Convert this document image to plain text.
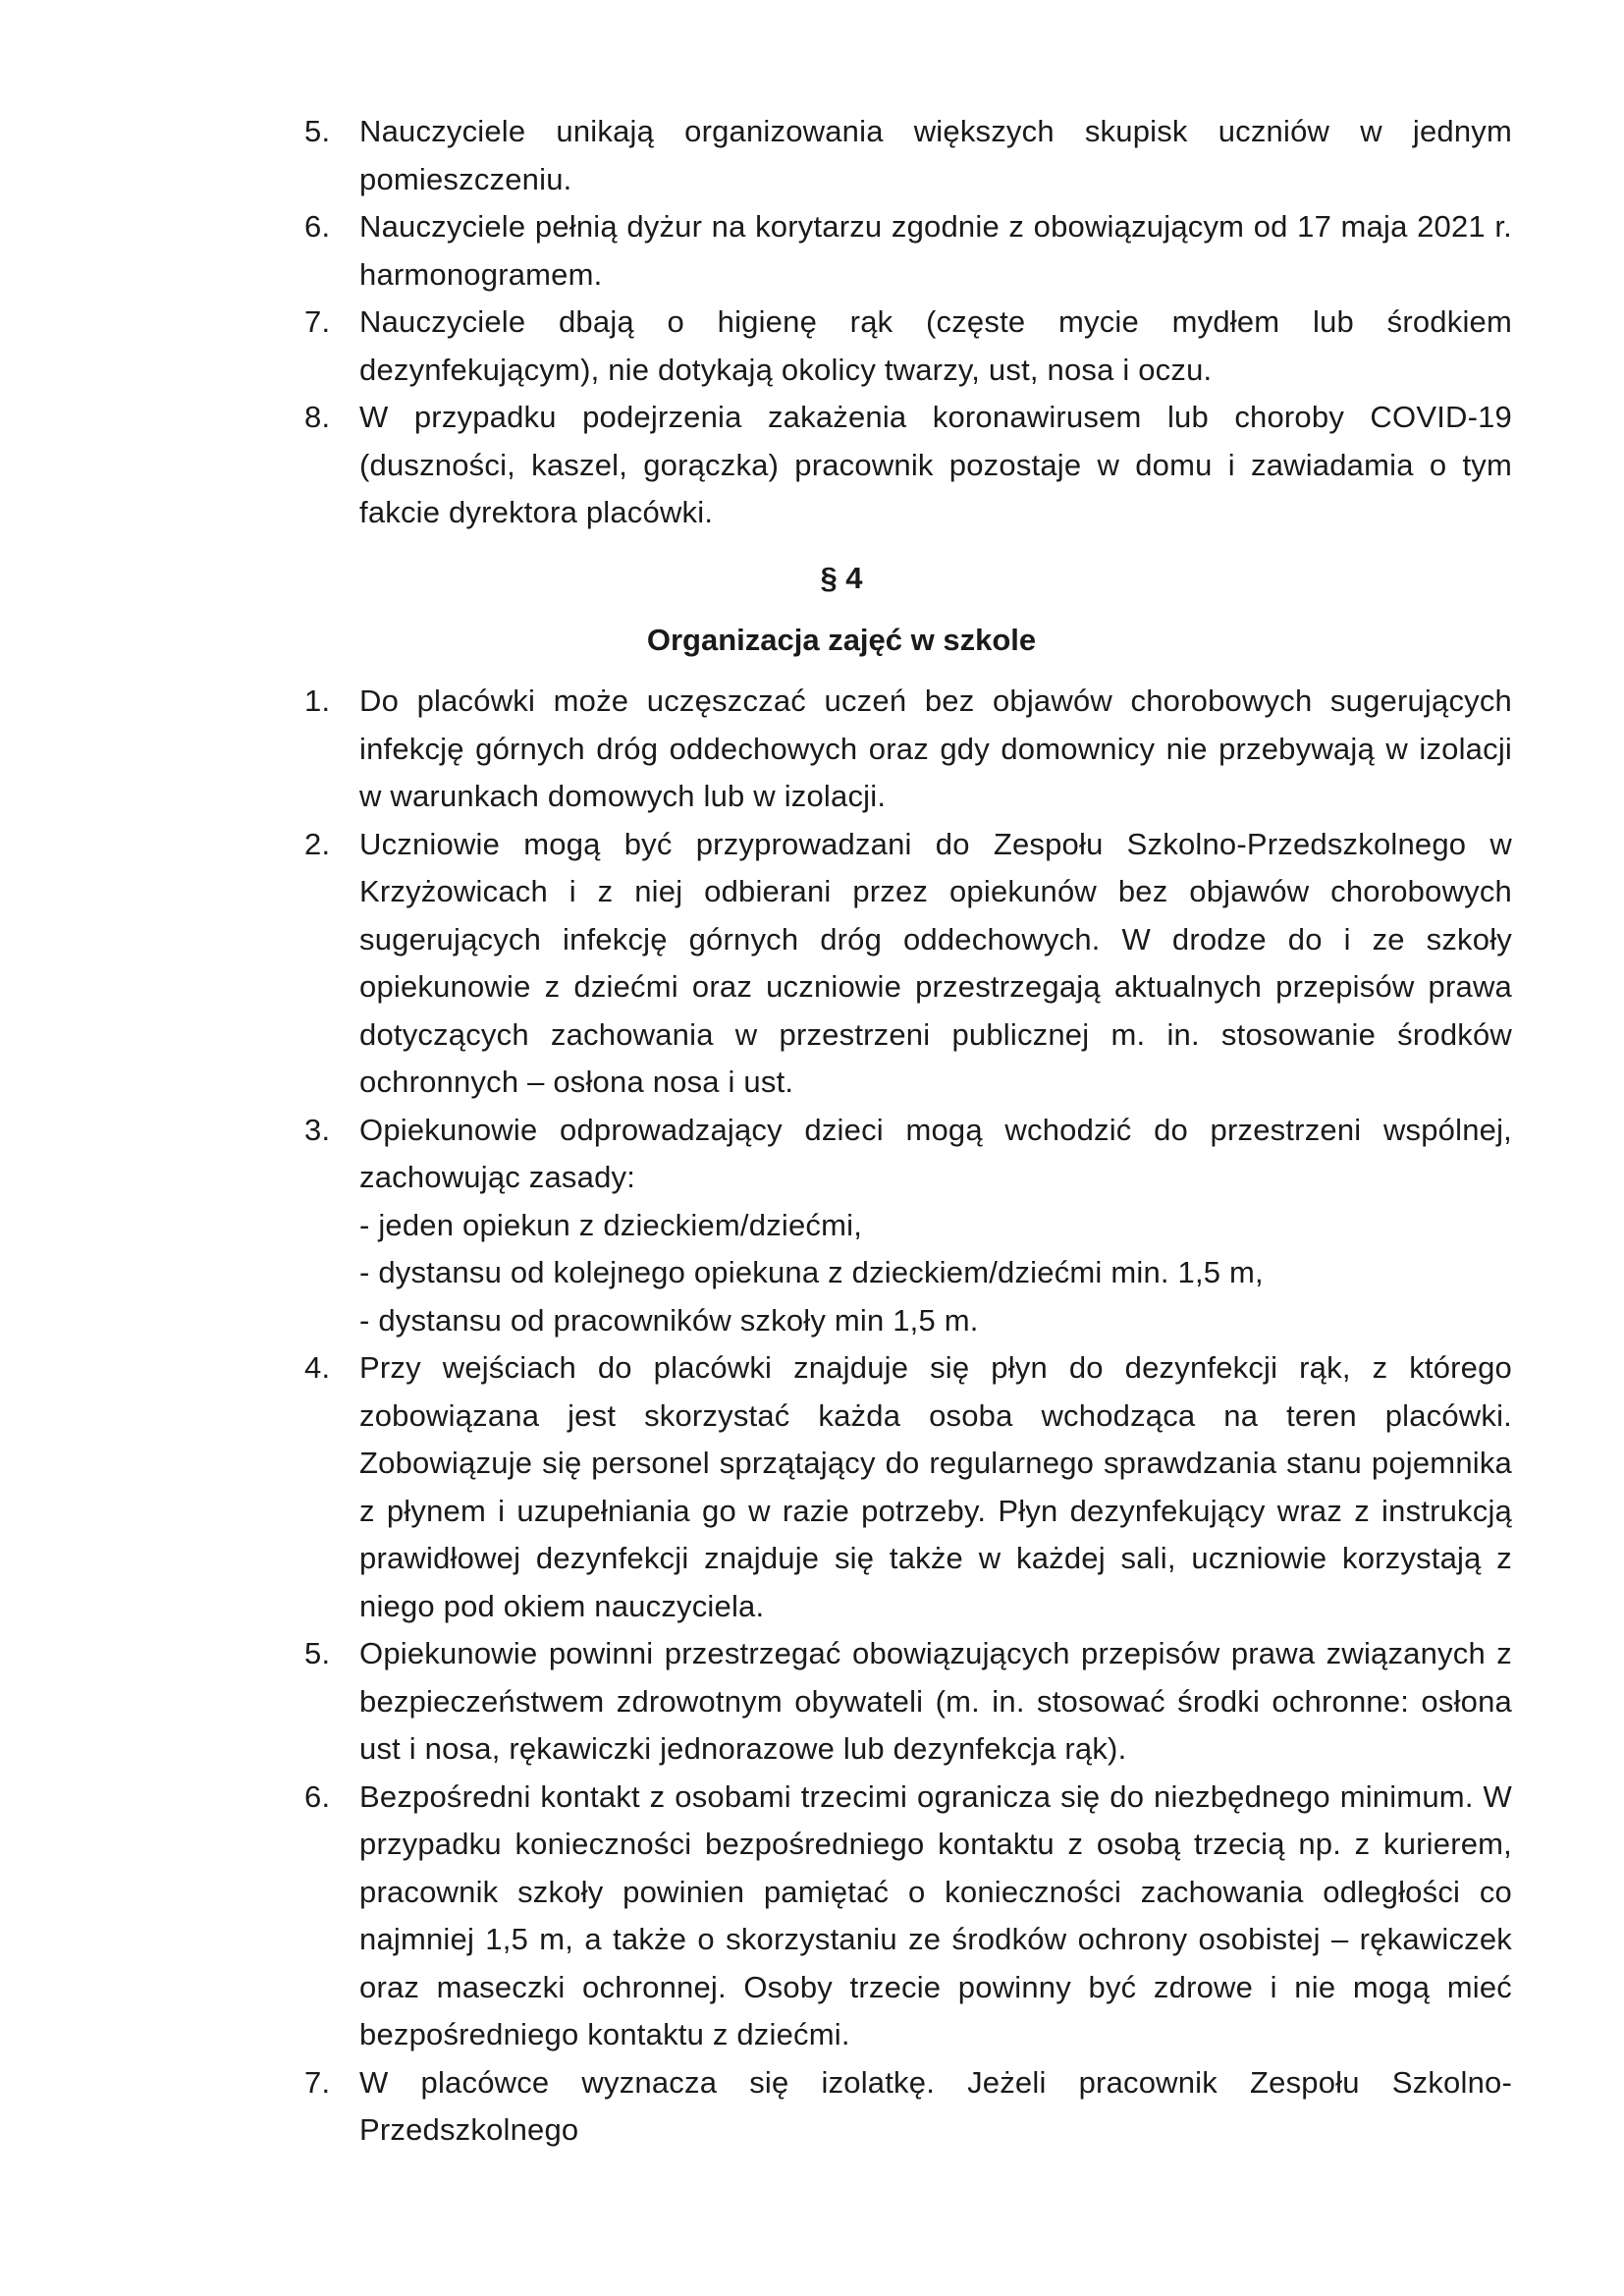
5. Nauczyciele unikają organizowania większych skupisk uczniów w jednym pomieszczeniu.
6. Nauczyciele pełnią dyżur na korytarzu zgodnie z obowiązującym od 17 maja 2021 r. harmonogramem.
7. Nauczyciele dbają o higienę rąk (częste mycie mydłem lub środkiem dezynfekującym), nie dotykają okolicy twarzy, ust, nosa i oczu.
8. W przypadku podejrzenia zakażenia koronawirusem lub choroby COVID-19 (duszności, kaszel, gorączka) pracownik pozostaje w domu i zawiadamia o tym fakcie dyrektora placówki.
§ 4
Organizacja zajęć w szkole
1. Do placówki może uczęszczać uczeń bez objawów chorobowych sugerujących infekcję górnych dróg oddechowych oraz gdy domownicy nie przebywają w izolacji w warunkach domowych lub w izolacji.
2. Uczniowie mogą być przyprowadzani do Zespołu Szkolno-Przedszkolnego w Krzyżowicach i z niej odbierani przez opiekunów bez objawów chorobowych sugerujących infekcję górnych dróg oddechowych. W drodze do i ze szkoły opiekunowie z dziećmi oraz uczniowie przestrzegają aktualnych przepisów prawa dotyczących zachowania w przestrzeni publicznej m. in. stosowanie środków ochronnych – osłona nosa i ust.
3. Opiekunowie odprowadzający dzieci mogą wchodzić do przestrzeni wspólnej, zachowując zasady:
- jeden opiekun z dzieckiem/dziećmi,
- dystansu od kolejnego opiekuna z dzieckiem/dziećmi min. 1,5 m,
- dystansu od pracowników szkoły min 1,5 m.
4. Przy wejściach do placówki znajduje się płyn do dezynfekcji rąk, z którego zobowiązana jest skorzystać każda osoba wchodząca na teren placówki. Zobowiązuje się personel sprzątający do regularnego sprawdzania stanu pojemnika z płynem i uzupełniania go w razie potrzeby. Płyn dezynfekujący wraz z instrukcją prawidłowej dezynfekcji znajduje się także w każdej sali, uczniowie korzystają z niego pod okiem nauczyciela.
5. Opiekunowie powinni przestrzegać obowiązujących przepisów prawa związanych z bezpieczeństwem zdrowotnym obywateli (m. in. stosować środki ochronne: osłona ust i nosa, rękawiczki jednorazowe lub dezynfekcja rąk).
6. Bezpośredni kontakt z osobami trzecimi ogranicza się do niezbędnego minimum. W przypadku konieczności bezpośredniego kontaktu z osobą trzecią np. z kurierem, pracownik szkoły powinien pamiętać o konieczności zachowania odległości co najmniej 1,5 m, a także o skorzystaniu ze środków ochrony osobistej – rękawiczek oraz maseczki ochronnej. Osoby trzecie powinny być zdrowe i nie mogą mieć bezpośredniego kontaktu z dziećmi.
7. W placówce wyznacza się izolatkę. Jeżeli pracownik Zespołu Szkolno-Przedszkolnego
